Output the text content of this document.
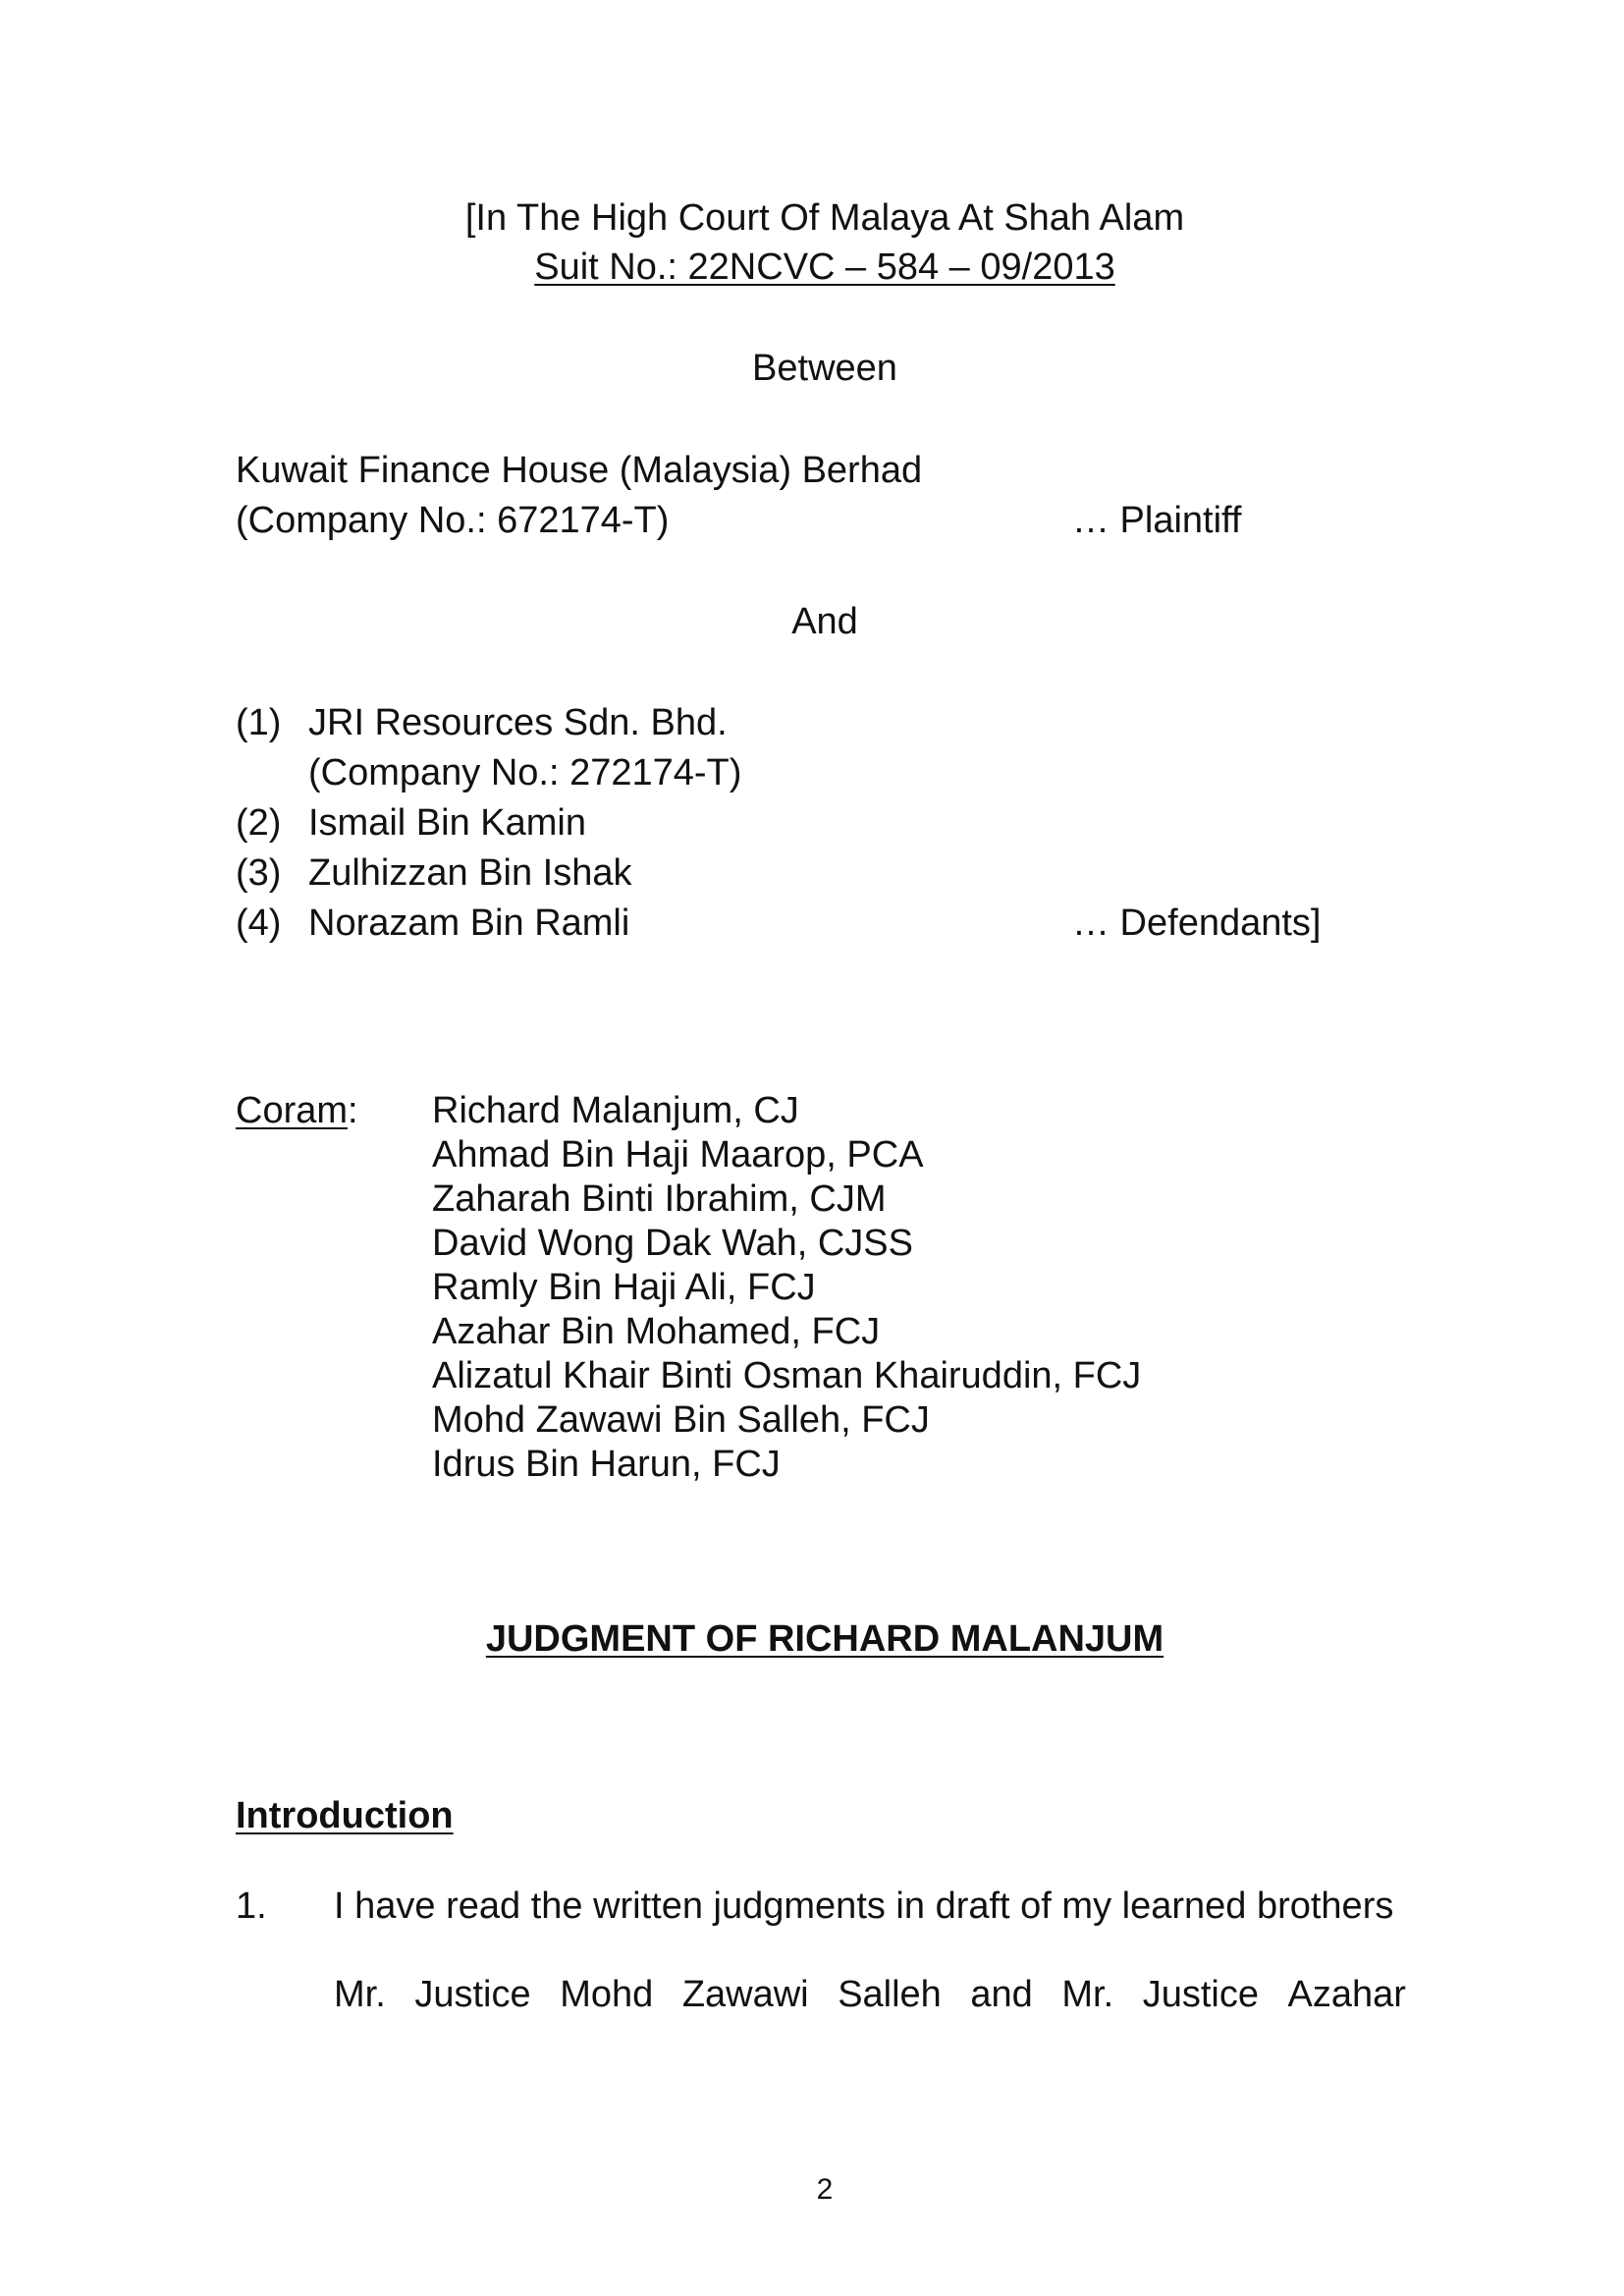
[In The High Court Of Malaya At Shah Alam
Suit No.: 22NCVC – 584 – 09/2013
Between
Kuwait Finance House (Malaysia) Berhad
(Company No.: 672174-T)	… Plaintiff
And
(1) JRI Resources Sdn. Bhd.
(Company No.: 272174-T)
(2) Ismail Bin Kamin
(3) Zulhizzan Bin Ishak
(4) Norazam Bin Ramli	… Defendants]
Coram: Richard Malanjum, CJ
Ahmad Bin Haji Maarop, PCA
Zaharah Binti Ibrahim, CJM
David Wong Dak Wah, CJSS
Ramly Bin Haji Ali, FCJ
Azahar Bin Mohamed, FCJ
Alizatul Khair Binti Osman Khairuddin, FCJ
Mohd Zawawi Bin Salleh, FCJ
Idrus Bin Harun, FCJ
JUDGMENT OF RICHARD MALANJUM
Introduction
1. I have read the written judgments in draft of my learned brothers
Mr. Justice Mohd Zawawi Salleh and Mr. Justice Azahar
2
